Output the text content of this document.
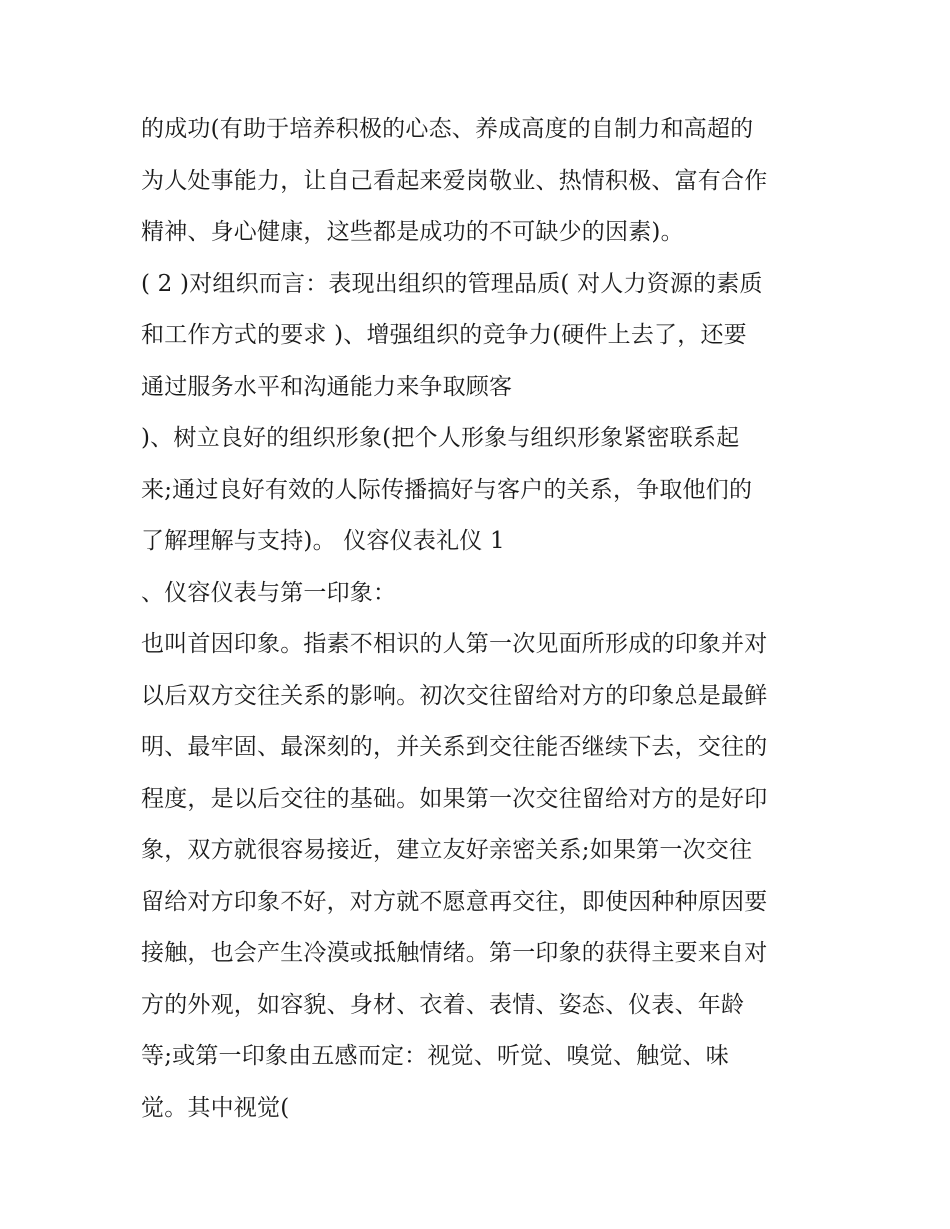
的成功(有助于培养积极的心态、养成高度的自制力和高超的
为人处事能力，让自己看起来爱岗敬业、热情积极、富有合作
精神、身心健康，这些都是成功的不可缺少的因素)。
( 2 )对组织而言：表现出组织的管理品质( 对人力资源的素质
和工作方式的要求 )、增强组织的竞争力(硬件上去了，还要
通过服务水平和沟通能力来争取顾客
)、树立良好的组织形象(把个人形象与组织形象紧密联系起
来;通过良好有效的人际传播搞好与客户的关系，争取他们的
了解理解与支持)。 仪容仪表礼仪 1
、仪容仪表与第一印象：
也叫首因印象。指素不相识的人第一次见面所形成的印象并对
以后双方交往关系的影响。初次交往留给对方的印象总是最鲜
明、最牢固、最深刻的，并关系到交往能否继续下去，交往的
程度，是以后交往的基础。如果第一次交往留给对方的是好印
象，双方就很容易接近，建立友好亲密关系;如果第一次交往
留给对方印象不好，对方就不愿意再交往，即使因种种原因要
接触，也会产生冷漠或抵触情绪。第一印象的获得主要来自对
方的外观，如容貌、身材、衣着、表情、姿态、仪表、年龄
等;或第一印象由五感而定：视觉、听觉、嗅觉、触觉、味
觉。其中视觉(
